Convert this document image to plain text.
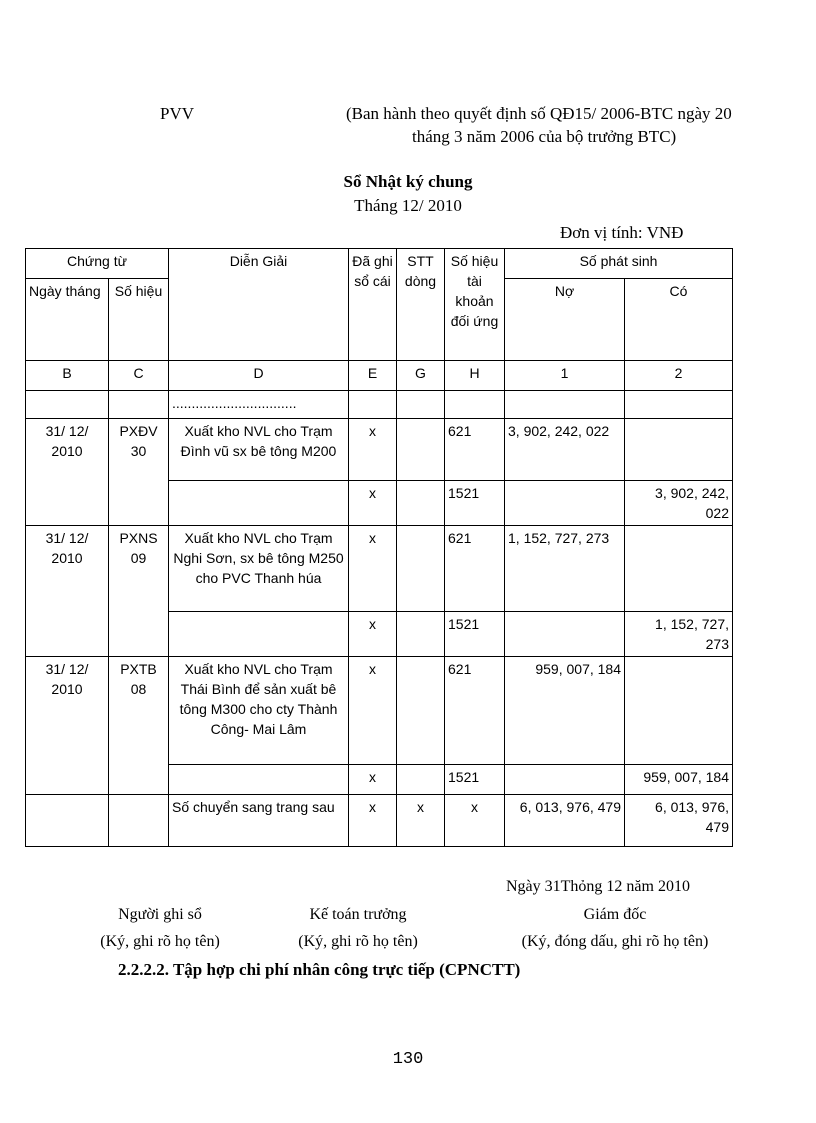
PVV	(Ban hành theo quyết định số QĐ15/ 2006-BTC ngày 20
tháng 3 năm 2006 của bộ trưởng BTC)
Sổ Nhật ký chung
Tháng 12/ 2010
Đơn vị tính: VNĐ
Chứng từ		Diễn Giải	Đã ghi sổ cái	STT dòng	Số hiệu tài khoản đối ứng	Số phát sinh	
Ngày tháng	Số hiệu					Nợ	Có
B	C	D	E	G	H	1	2
		................................					
31/ 12/ 2010	PXĐV 30	Xuất kho NVL cho Trạm Đình vũ sx bê tông M200	x		621	3, 902, 242, 022	
			x		1521		3, 902, 242, 022
31/ 12/ 2010	PXNS 09	Xuất kho NVL cho Trạm Nghi Sơn, sx bê tông M250 cho PVC Thanh húa	x		621	1, 152, 727, 273	
			x		1521		1, 152, 727, 273
31/ 12/ 2010	PXTB 08	Xuất kho NVL cho Trạm Thái Bình để sản xuất bê tông M300 cho cty Thành Công- Mai Lâm	x		621	959, 007, 184	
			x		1521		959, 007, 184
		Số chuyển sang trang sau	x	x	x	6, 013, 976, 479	6, 013, 976, 479
Ngày 31Thỏng 12 năm 2010
Người ghi sổ	Kế toán trưởng	Giám đốc
(Ký, ghi rõ họ tên)	(Ký, ghi rõ họ tên)	(Ký, đóng dấu, ghi rõ họ tên)
2.2.2.2. Tập hợp chi phí nhân công trực tiếp (CPNCTT)
130
